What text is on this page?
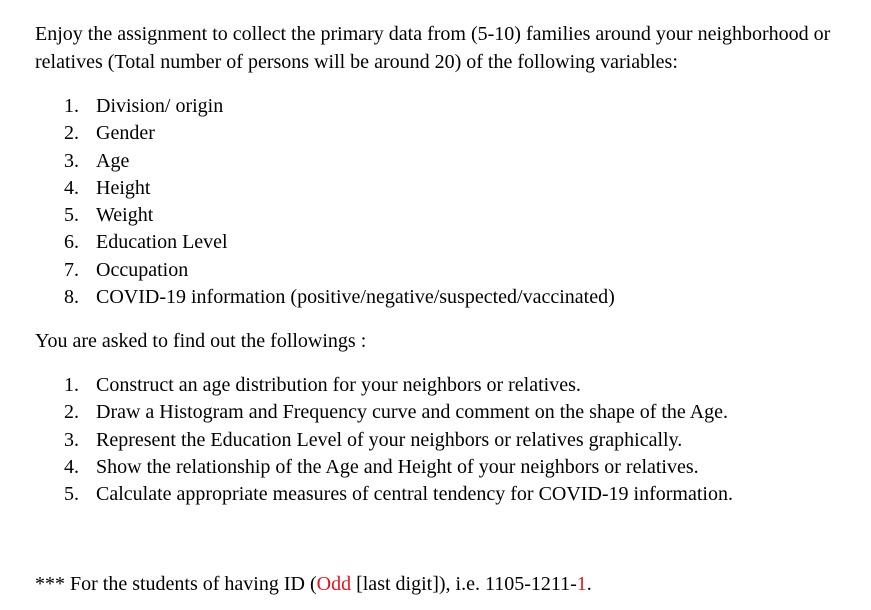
Enjoy the assignment to collect the primary data from (5-10) families around your neighborhood or relatives (Total number of persons will be around 20) of the following variables:

1. Division/ origin
2. Gender
3. Age
4. Height
5. Weight
6. Education Level
7. Occupation
8. COVID-19 information (positive/negative/suspected/vaccinated)

You are asked to find out the followings :

1. Construct an age distribution for your neighbors or relatives.
2. Draw a Histogram and Frequency curve and comment on the shape of the Age.
3. Represent the Education Level of your neighbors or relatives graphically.
4. Show the relationship of the Age and Height of your neighbors or relatives.
5. Calculate appropriate measures of central tendency for COVID-19 information.

*** For the students of having ID (Odd [last digit]), i.e. 1105-1211-1.
